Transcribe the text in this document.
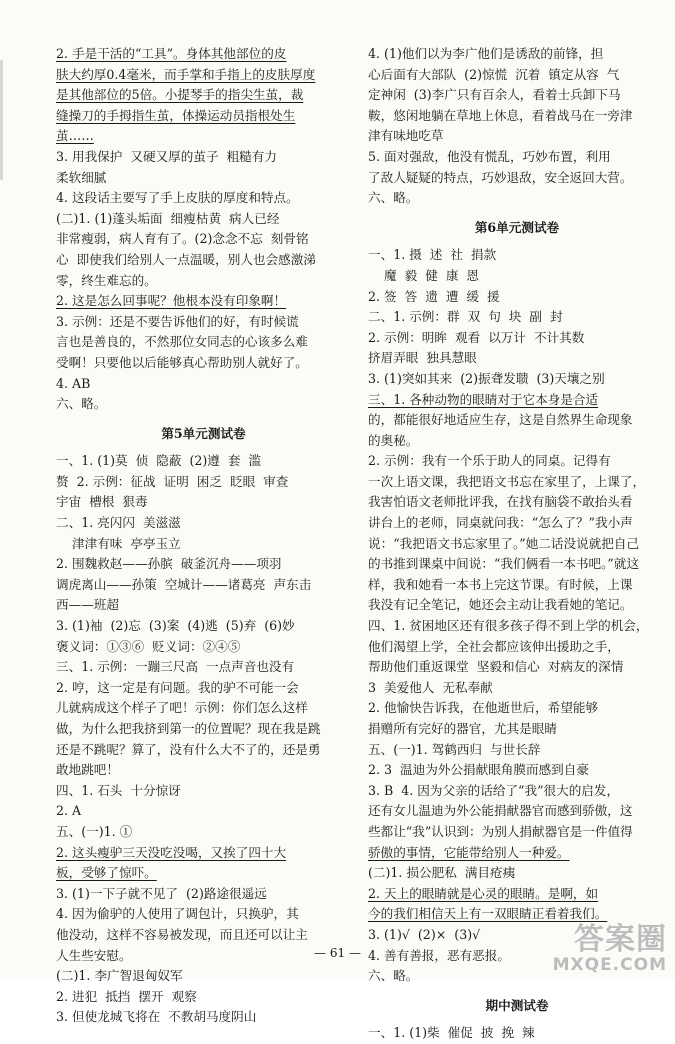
2. 手是干活的“工具”。身体其他部位的皮

肤大约厚0.4毫米，而手掌和手指上的皮肤厚度

是其他部位的5倍。小提琴手的指尖生茧，裁

缝操刀的手拇指生茧，体操运动员指根处生

茧……

3. 用我保护  又硬又厚的茧子  粗糙有力

柔软细腻

4. 这段话主要写了手上皮肤的厚度和特点。

(二)1. (1)蓬头垢面  细瘦枯黄  病人已经

非常瘦弱，病人育有了。(2)念念不忘  刻骨铭

心  即使我们给别人一点温暖，别人也会感激涕

零，终生难忘的。

2. 这是怎么回事呢？他根本没有印象啊！

3. 示例：还是不要告诉他们的好，有时候谎

言也是善良的，不然那位女同志的心该多么难

受啊！只要他以后能够真心帮助别人就好了。

4. AB

六、略。

第5单元测试卷

一、1. (1)莫  侦  隐蔽  (2)遵  套  滥

赘  2. 示例：征战  证明  困乏  眨眼  审查

宇宙  槽根  狠毒

二、1. 亮闪闪  美滋滋

津津有味  亭亭玉立

2. 围魏救赵——孙膑  破釜沉舟——项羽

调虎离山——孙策  空城计——诸葛亮  声东击

西——班超

3. (1)袖  (2)忘  (3)案  (4)逃  (5)弃  (6)妙

褒义词：①③⑥  贬义词：②④⑤

三、1. 示例：一蹦三尺高  一点声音也没有

2. 哼，这一定是有问题。我的驴不可能一会

儿就病成这个样子了吧！示例：你们怎么这样

做，为什么把我挤到第一的位置呢？现在我是跳

还是不跳呢？算了，没有什么大不了的，还是勇

敢地跳吧！

四、1. 石头  十分惊讶

2. A

五、(一)1. ①

2. 这头瘦驴三天没吃没喝，又挨了四十大

板，受够了惊吓。

3. (1)一下子就不见了  (2)路途很遥远

4. 因为偷驴的人使用了调包计，只换驴，其

他没动，这样不容易被发现，而且还可以让主

人生些安慰。

(二)1. 李广智退匈奴军

2. 进犯  抵挡  摆开  观察

3. 但使龙城飞将在  不教胡马度阴山

4. (1)他们以为李广他们是诱敌的前锋，担

心后面有大部队  (2)惊慌  沉着  镇定从容  气

定神闲  (3)李广只有百余人，看着士兵卸下马

鞍，悠闲地躺在草地上休息，看着战马在一旁津

津有味地吃草

5. 面对强敌，他没有慌乱，巧妙布置，利用

了敌人疑疑的特点，巧妙退敌，安全返回大营。

六、略。

第6单元测试卷

一、1. 摄  述  社  捐款

魔  毅  健  康  恩

2. 签  答  遗  遭  缓  援

二、1. 示例：群  双  句  块  副  封

2. 示例：明眸  观看  以万计  不计其数

挤眉弄眼  独具慧眼

3. (1)突如其来  (2)振聋发聩  (3)天壤之别

三、1. 各种动物的眼睛对于它本身是合适

的，都能很好地适应生存，这是自然界生命现象

的奥秘。

2. 示例：我有一个乐于助人的同桌。记得有

一次上语文课，我把语文书忘在家里了，上课了，

我害怕语文老师批评我，在找有脑袋不敢抬头看

讲台上的老师，同桌就问我：“怎么了？”我小声

说：“我把语文书忘家里了。”她二话没说就把自己

的书推到课桌中间说：“我们俩看一本书吧。”就这

样，我和她看一本书上完这节课。有时候，上课

我没有记全笔记，她还会主动让我看她的笔记。

四、1. 贫困地区还有很多孩子得不到上学的机会，

他们渴望上学，全社会都应该伸出援助之手，

帮助他们重返课堂  坚毅和信心  对病友的深情

3  美爱他人  无私奉献

2. 他愉快告诉我，在他逝世后，希望能够

捐赠所有完好的器官，尤其是眼睛

五、(一)1. 驾鹤西归  与世长辞

2. 3  温迪为外公捐献眼角膜而感到自豪

3. B  4. 因为父亲的话给了“我”很大的启发，

还有女儿温迪为外公能捐献器官而感到骄傲，这

些都让“我”认识到：为别人捐献器官是一件值得

骄傲的事情，它能带给别人一种爱。

(二)1. 损公肥私  满目疮痍

2. 天上的眼睛就是心灵的眼睛。是啊，如

今的我们相信天上有一双眼睛正看着我们。

3. (1)√  (2)×  (3)√

4. 善有善报，恶有恶报。

六、略。

期中测试卷

一、1. (1)柴  催促  披  挽  辣

— 61 —	答案圈
MXQE.COM
